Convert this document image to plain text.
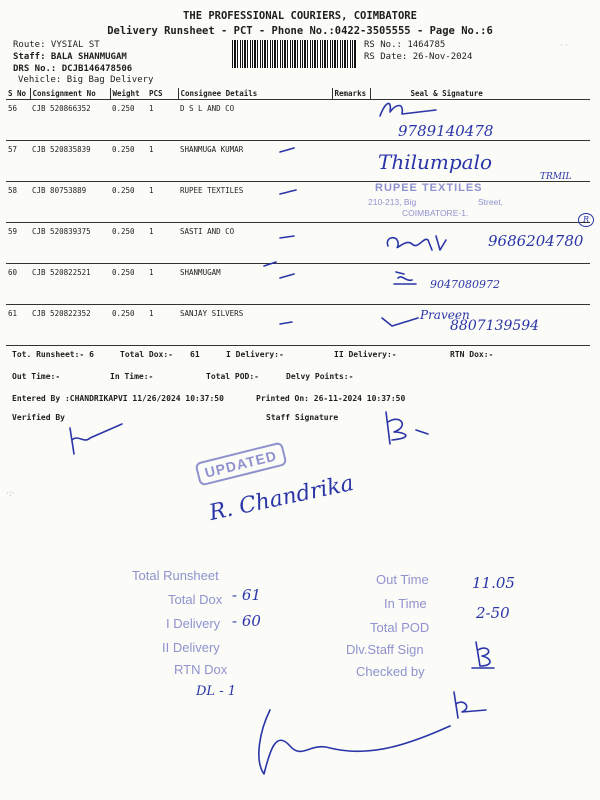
THE PROFESSIONAL COURIERS, COIMBATORE
Delivery Runsheet - PCT - Phone No.:0422-3505555 - Page No.:6
Route: VYSIAL ST
Staff: BALA SHANMUGAM
DRS No.: DCJB146478506
Vehicle: Big Bag Delivery
RS No.: 1464785
RS Date: 26-Nov-2024
S No	Consignment No	Weight	PCS	Consignee Details	Remarks	Seal & Signature
56	CJB 520866352	0.250	1	D S L AND CO		
57	CJB 520835839	0.250	1	SHANMUGA KUMAR		
58	CJB 80753889	0.250	1	RUPEE TEXTILES		
59	CJB 520839375	0.250	1	SASTI AND CO		
60	CJB 520822521	0.250	1	SHANMUGAM		
61	CJB 520822352	0.250	1	SANJAY SILVERS		
9789140478
Thilumpalo
TRMIL
RUPEE TEXTILES
210-213, Big	Street,
COIMBATORE-1.
9686204780
R
9047080972
Praveen
8807139594
Tot. Runsheet:- 6	Total Dox:- 61	I Delivery:-	II Delivery:-	RTN Dox:-
Out Time:-	In Time:-	Total POD:-	Delvy Points:-
Entered By :CHANDRIKAPVI 11/26/2024 10:37:50	Printed On: 26-11-2024 10:37:50
Verified By	Staff Signature
UPDATED
R. Chandrika
·:·
Total Runsheet
Total Dox - 61
I Delivery - 60
II Delivery
RTN Dox
DL - 1
Out Time	11.05
In Time
2-50
Total POD
Dlv.Staff Sign
Checked by
· ·
